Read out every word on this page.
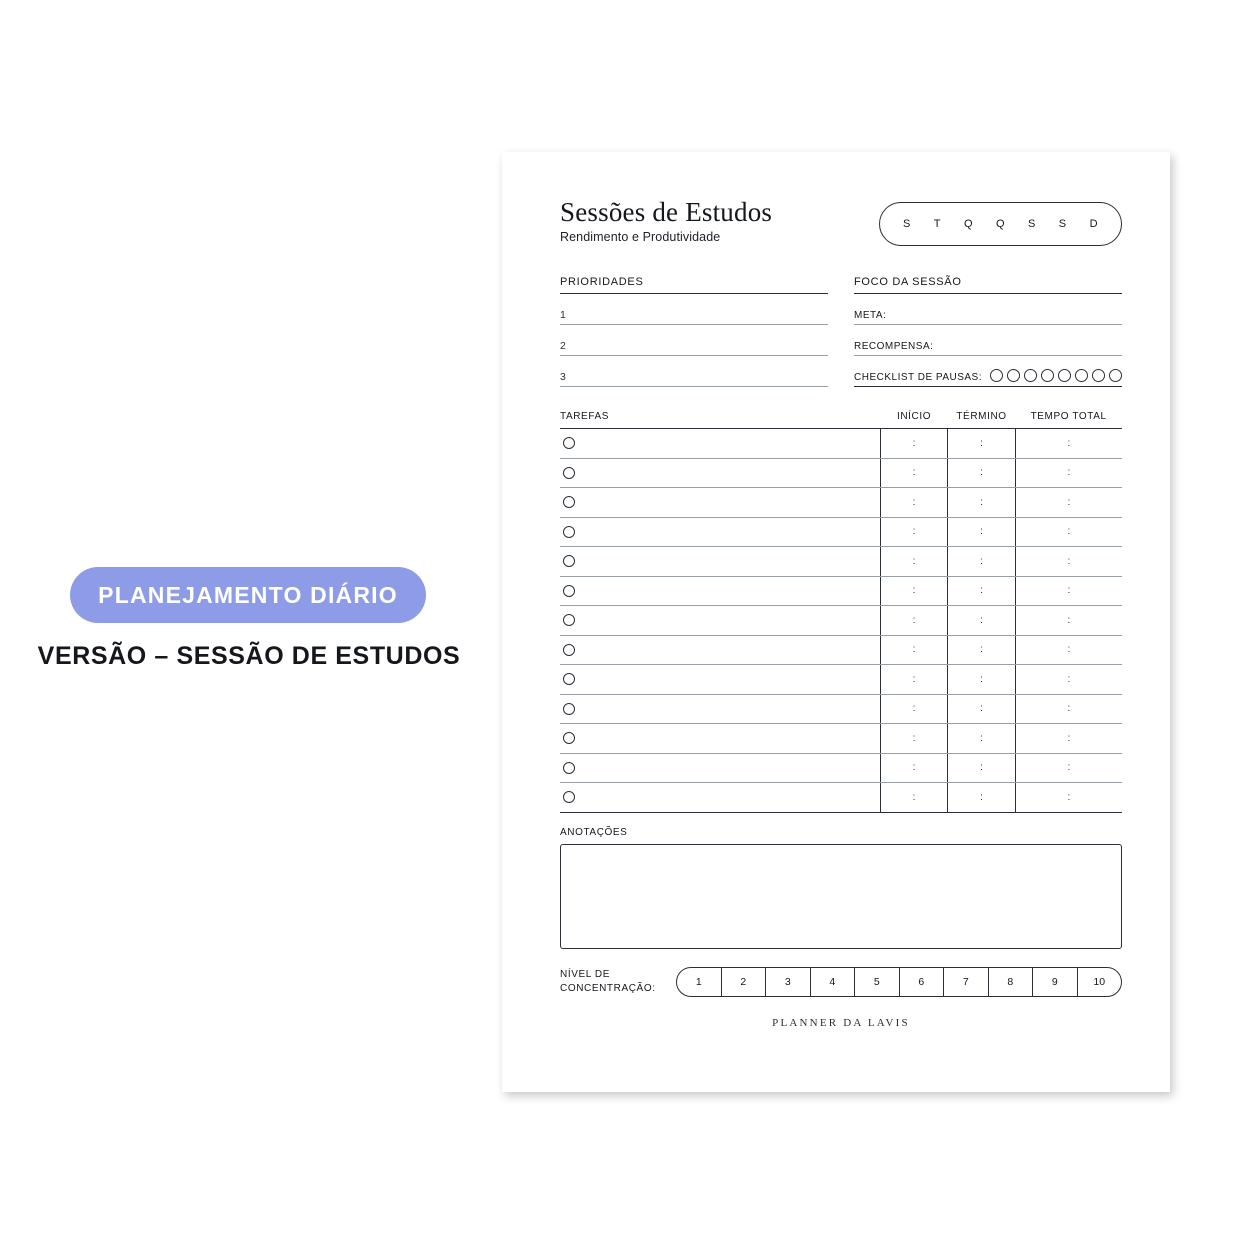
PLANEJAMENTO DIÁRIO
VERSÃO – SESSÃO DE ESTUDOS
Sessões de Estudos
Rendimento e Produtividade
S T Q Q S S D
PRIORIDADES
1
2
3
FOCO DA SESSÃO
META:
RECOMPENSA:
CHECKLIST DE PAUSAS:
TAREFAS	INÍCIO	TÉRMINO	TEMPO TOTAL
	:	:	:
	:	:	:
	:	:	:
	:	:	:
	:	:	:
	:	:	:
	:	:	:
	:	:	:
	:	:	:
	:	:	:
	:	:	:
	:	:	:
	:	:	:
ANOTAÇÕES
NÍVEL DE
CONCENTRAÇÃO:
1	2	3	4	5	6	7	8	9	10
PLANNER DA LAVIS
